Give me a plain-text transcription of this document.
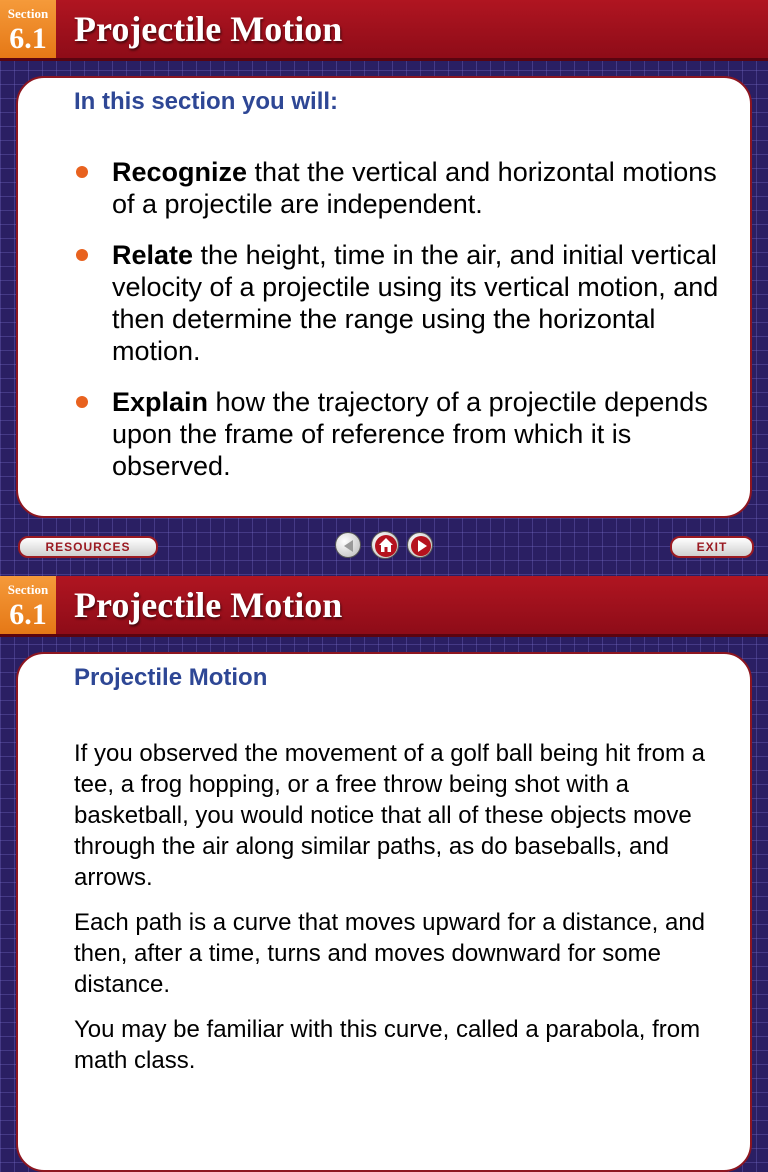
Section
6.1 Projectile Motion
In this section you will:
Recognize that the vertical and horizontal motions of a projectile are independent.
Relate the height, time in the air, and initial vertical velocity of a projectile using its vertical motion, and then determine the range using the horizontal motion.
Explain how the trajectory of a projectile depends upon the frame of reference from which it is observed.
RESOURCES	EXIT
Section
6.1 Projectile Motion
Projectile Motion

If you observed the movement of a golf ball being hit from a tee, a frog hopping, or a free throw being shot with a basketball, you would notice that all of these objects move through the air along similar paths, as do baseballs, and arrows.

Each path is a curve that moves upward for a distance, and then, after a time, turns and moves downward for some distance.

You may be familiar with this curve, called a parabola, from math class.
